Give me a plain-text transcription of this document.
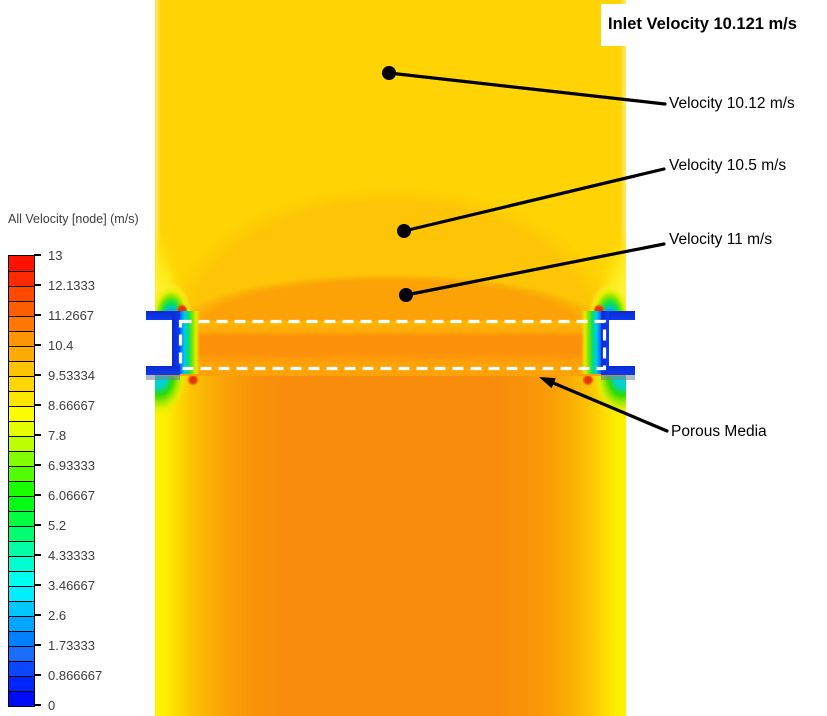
All Velocity [node] (m/s)
13
12.1333
11.2667
10.4
9.53334
8.66667
7.8
6.93333
6.06667
5.2
4.33333
3.46667
2.6
1.73333
0.866667
0
Inlet Velocity 10.121 m/s
Velocity 10.12 m/s
Velocity 10.5 m/s
Velocity 11 m/s
Porous Media
